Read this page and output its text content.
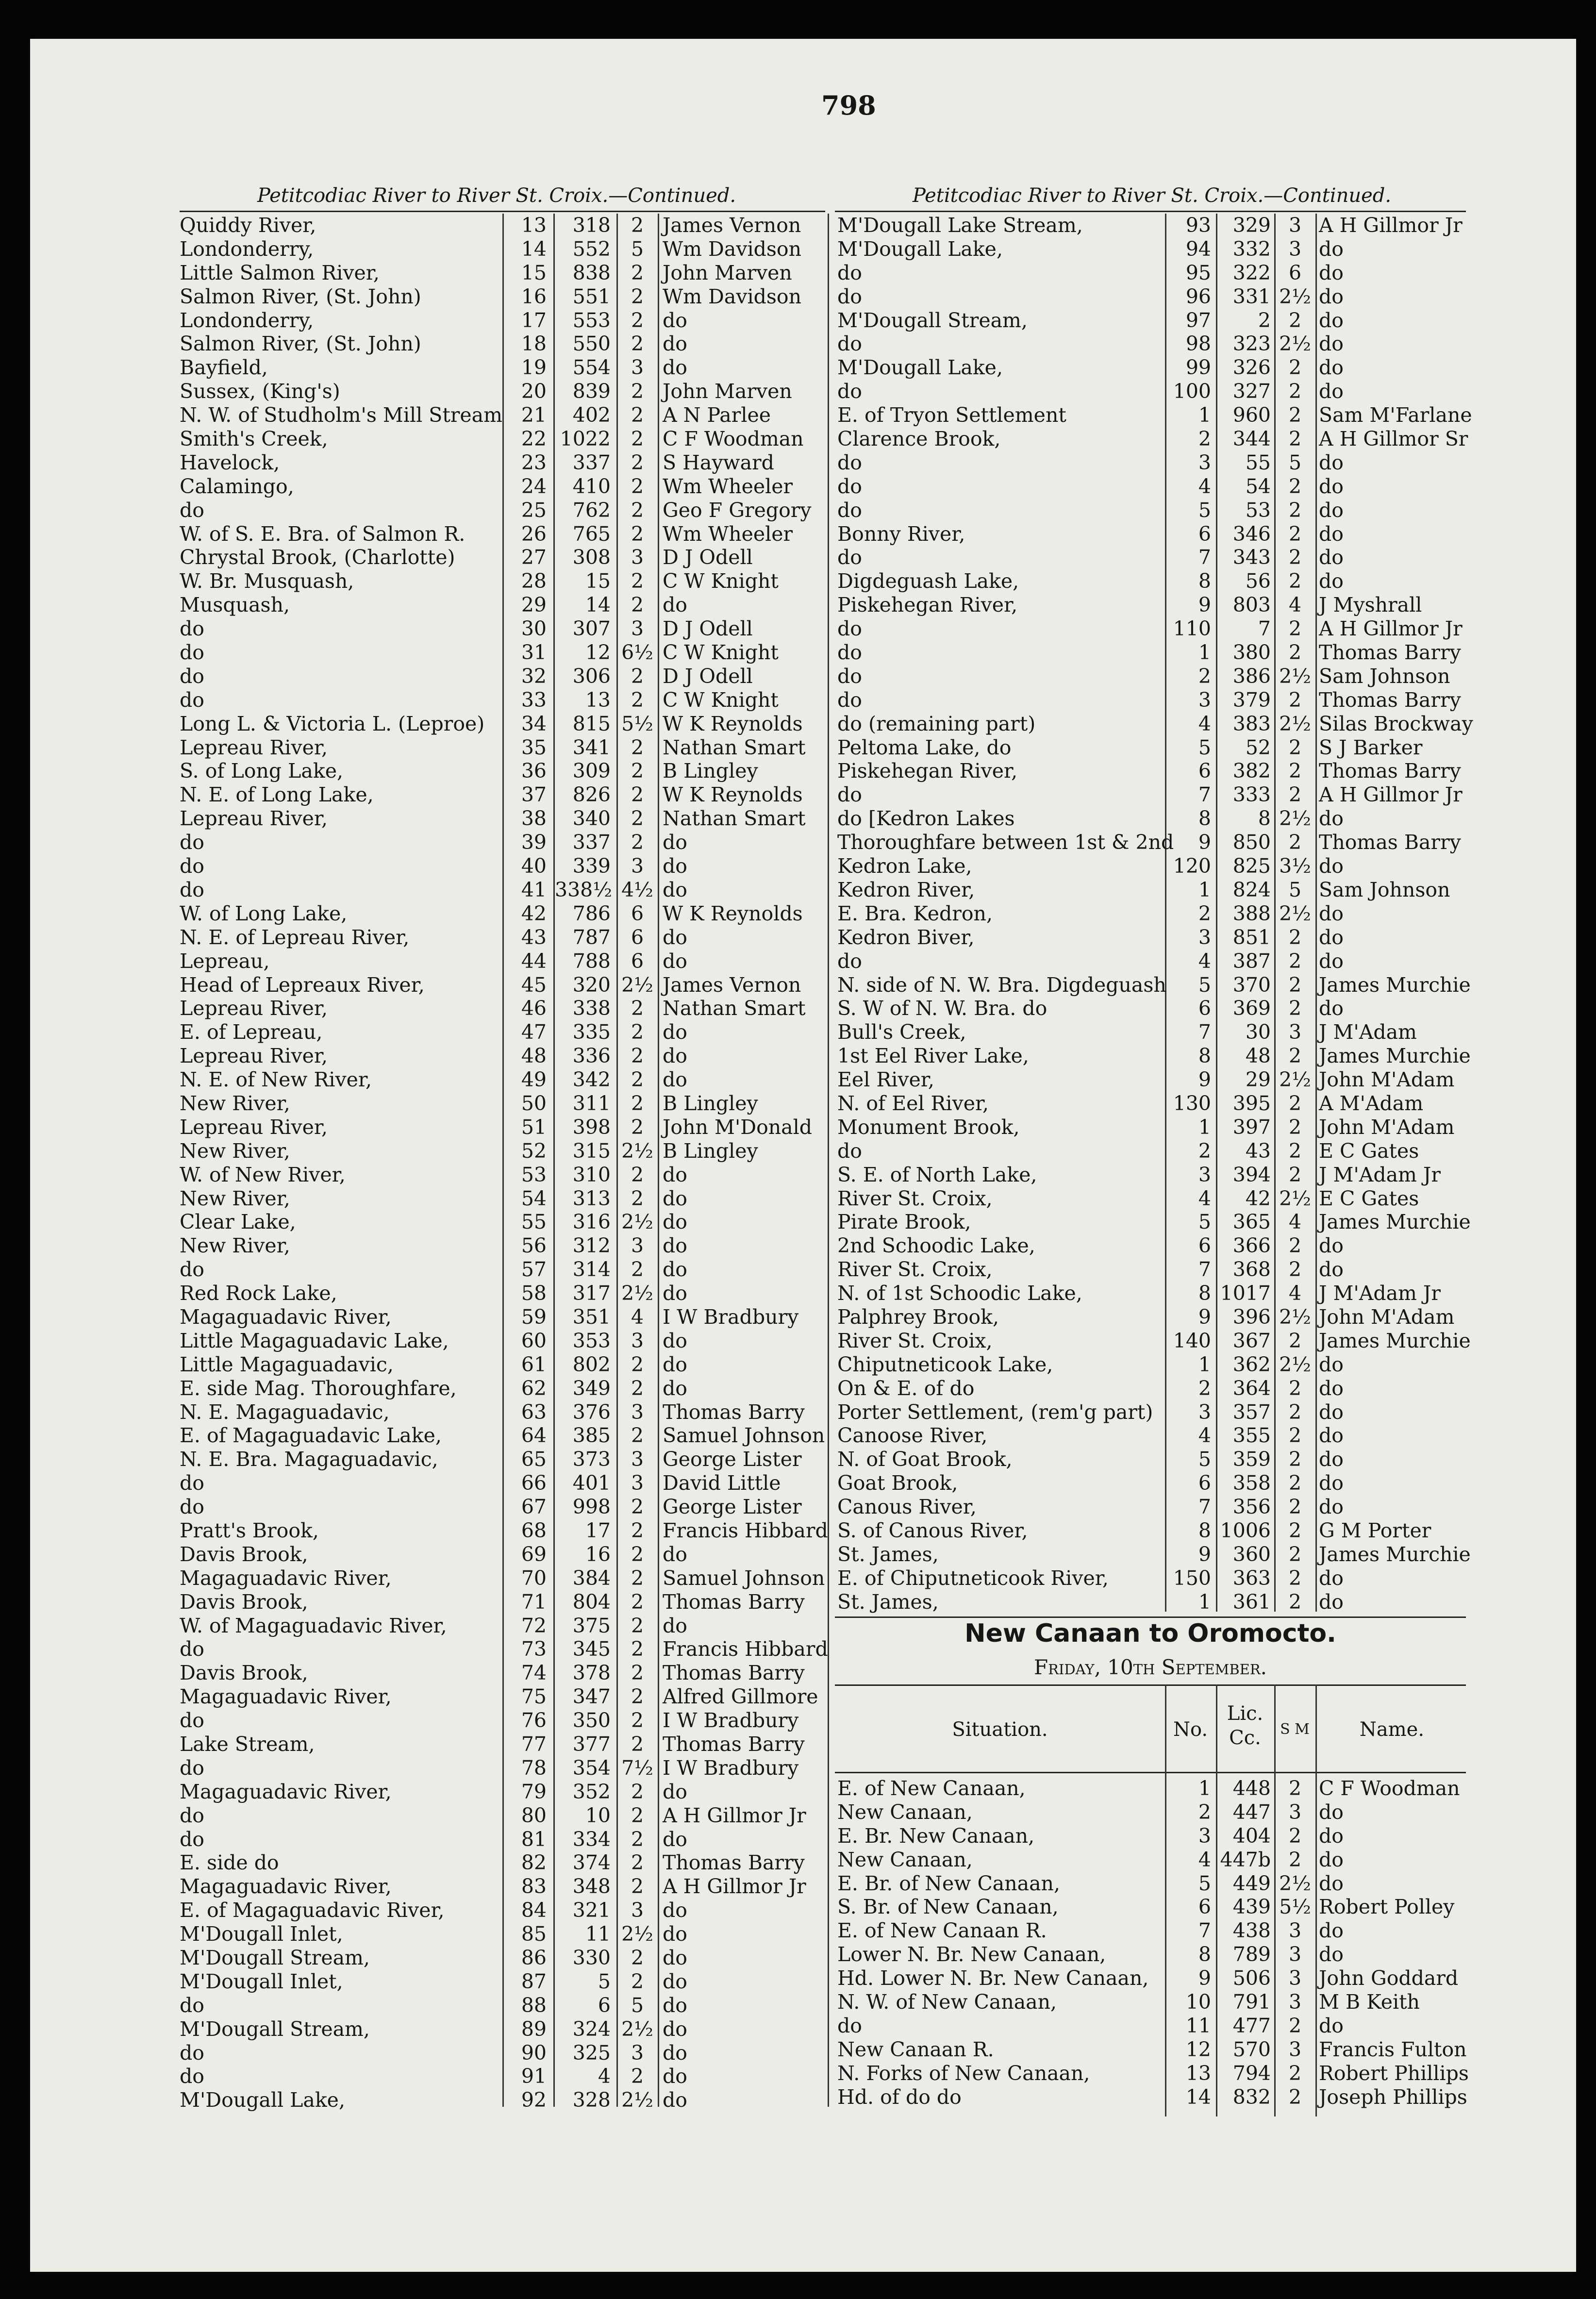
798
Petitcodiac River to River St. Croix.—Continued.	Petitcodiac River to River St. Croix.—Continued.
Quiddy River,	13	318	2 James Vernon
Londonderry,	14	552	5 Wm Davidson
Little Salmon River,	15	838	2 John Marven
Salmon River, (St. John)	16	551	2 Wm Davidson
Londonderry,	17	553	2 do
Salmon River, (St. John)	18	550	2 do
Bayfield,	19	554	3 do
Sussex, (King's)	20	839	2 John Marven
N. W. of Studholm's Mill Stream 21	402	2 A N Parlee
Smith's Creek,	22 1022	2 C F Woodman
Havelock,	23	337	2 S Hayward
Calamingo,	24	410	2 Wm Wheeler
do	25	762	2 Geo F Gregory
W. of S. E. Bra. of Salmon R.	26	765	2 Wm Wheeler
Chrystal Brook, (Charlotte)	27	308	3 D J Odell
W. Br. Musquash,	28	15	2 C W Knight
Musquash,	29	14	2 do
do	30	307	3 D J Odell
do	31	12 6½ C W Knight
do	32	306	2 D J Odell
do	33	13	2 C W Knight
Long L. & Victoria L. (Leproe)	34	815 5½ W K Reynolds
Lepreau River,	35	341	2 Nathan Smart
S. of Long Lake,	36	309	2 B Lingley
N. E. of Long Lake,	37	826	2 W K Reynolds
Lepreau River,	38	340	2 Nathan Smart
do	39	337	2 do
do	40	339	3 do
do	41 338½ 4½ do
W. of Long Lake,	42	786	6 W K Reynolds
N. E. of Lepreau River,	43	787	6 do
Lepreau,	44	788	6 do
Head of Lepreaux River,	45	320 2½ James Vernon
Lepreau River,	46	338	2 Nathan Smart
E. of Lepreau,	47	335	2 do
Lepreau River,	48	336	2 do
N. E. of New River,	49	342	2 do
New River,	50	311	2 B Lingley
Lepreau River,	51	398	2 John M'Donald
New River,	52	315 2½ B Lingley
W. of New River,	53	310	2 do
New River,	54	313	2 do
Clear Lake,	55	316 2½ do
New River,	56	312	3 do
do	57	314	2 do
Red Rock Lake,	58	317 2½ do
Magaguadavic River,	59	351	4 I W Bradbury
Little Magaguadavic Lake,	60	353	3 do
Little Magaguadavic,	61	802	2 do
E. side Mag. Thoroughfare,	62	349	2 do
N. E. Magaguadavic,	63	376	3 Thomas Barry
E. of Magaguadavic Lake,	64	385	2 Samuel Johnson
N. E. Bra. Magaguadavic,	65	373	3 George Lister
do	66	401	3 David Little
do	67	998	2 George Lister
Pratt's Brook,	68	17	2 Francis Hibbard
Davis Brook,	69	16	2 do
Magaguadavic River,	70	384	2 Samuel Johnson
Davis Brook,	71	804	2 Thomas Barry
W. of Magaguadavic River,	72	375	2 do
do	73	345	2 Francis Hibbard
Davis Brook,	74	378	2 Thomas Barry
Magaguadavic River,	75	347	2 Alfred Gillmore
do	76	350	2 I W Bradbury
Lake Stream,	77	377	2 Thomas Barry
do	78	354 7½ I W Bradbury
Magaguadavic River,	79	352	2 do
do	80	10	2 A H Gillmor Jr
do	81	334	2 do
E. side do	82	374	2 Thomas Barry
Magaguadavic River,	83	348	2 A H Gillmor Jr
E. of Magaguadavic River,	84	321	3 do
M'Dougall Inlet,	85	11 2½ do
M'Dougall Stream,	86	330	2 do
M'Dougall Inlet,	87	5	2 do
do	88	6	5 do
M'Dougall Stream,	89	324 2½ do
do	90	325	3 do
do	91	4	2 do
M'Dougall Lake,	92	328 2½ do
M'Dougall Lake Stream,	93	329 3 A H Gillmor Jr
M'Dougall Lake,	94	332 3 do
do	95	322 6 do
do	96	331 2½ do
M'Dougall Stream,	97	2 2 do
do	98	323 2½ do
M'Dougall Lake,	99	326 2 do
do	100	327 2 do
E. of Tryon Settlement	1	960 2 Sam M'Farlane
Clarence Brook,	2	344 2 A H Gillmor Sr
do	3	55 5 do
do	4	54 2 do
do	5	53 2 do
Bonny River,	6	346 2 do
do	7	343 2 do
Digdeguash Lake,	8	56 2 do
Piskehegan River,	9	803 4 J Myshrall
do	110	7 2 A H Gillmor Jr
do	1	380 2 Thomas Barry
do	2	386 2½ Sam Johnson
do	3	379 2 Thomas Barry
do (remaining part)	4	383 2½ Silas Brockway
Peltoma Lake, do	5	52 2 S J Barker
Piskehegan River,	6	382 2 Thomas Barry
do	7	333 2 A H Gillmor Jr
do [Kedron Lakes	8	8 2½ do
Thoroughfare between 1st & 2nd	9	850 2 Thomas Barry
Kedron Lake,	120	825 3½ do
Kedron River,	1	824 5 Sam Johnson
E. Bra. Kedron,	2	388 2½ do
Kedron Biver,	3	851 2 do
do	4	387 2 do
N. side of N. W. Bra. Digdeguash	5	370 2 James Murchie
S. W of N. W. Bra. do	6	369 2 do
Bull's Creek,	7	30 3 J M'Adam
1st Eel River Lake,	8	48 2 James Murchie
Eel River,	9	29 2½ John M'Adam
N. of Eel River,	130	395 2 A M'Adam
Monument Brook,	1	397 2 John M'Adam
do	2	43 2 E C Gates
S. E. of North Lake,	3	394 2 J M'Adam Jr
River St. Croix,	4	42 2½ E C Gates
Pirate Brook,	5	365 4 James Murchie
2nd Schoodic Lake,	6	366 2 do
River St. Croix,	7	368 2 do
N. of 1st Schoodic Lake,	8 1017 4 J M'Adam Jr
Palphrey Brook,	9	396 2½ John M'Adam
River St. Croix,	140	367 2 James Murchie
Chiputneticook Lake,	1	362 2½ do
On & E. of do	2	364 2 do
Porter Settlement, (rem'g part)	3	357 2 do
Canoose River,	4	355 2 do
N. of Goat Brook,	5	359 2 do
Goat Brook,	6	358 2 do
Canous River,	7	356 2 do
S. of Canous River,	8 1006 2 G M Porter
St. James,	9	360 2 James Murchie
E. of Chiputneticook River,	150	363 2 do
St. James,	1	361 2 do
New Canaan to Oromocto.
Friday, 10th September.
Situation.	No.
Lic. Cc.	S M	Name.
E. of New Canaan,	1	448 2 C F Woodman
New Canaan,	2	447 3 do
E. Br. New Canaan,	3	404 2 do
New Canaan,	4 447b 2 do
E. Br. of New Canaan,	5	449 2½ do
S. Br. of New Canaan,	6	439 5½ Robert Polley
E. of New Canaan R.	7	438 3 do
Lower N. Br. New Canaan,	8	789 3 do
Hd. Lower N. Br. New Canaan,	9	506 3 John Goddard
N. W. of New Canaan,	10	791 3 M B Keith
do	11	477 2 do
New Canaan R.	12	570 3 Francis Fulton
N. Forks of New Canaan,	13	794 2 Robert Phillips
Hd. of do do	14	832 2 Joseph Phillips
